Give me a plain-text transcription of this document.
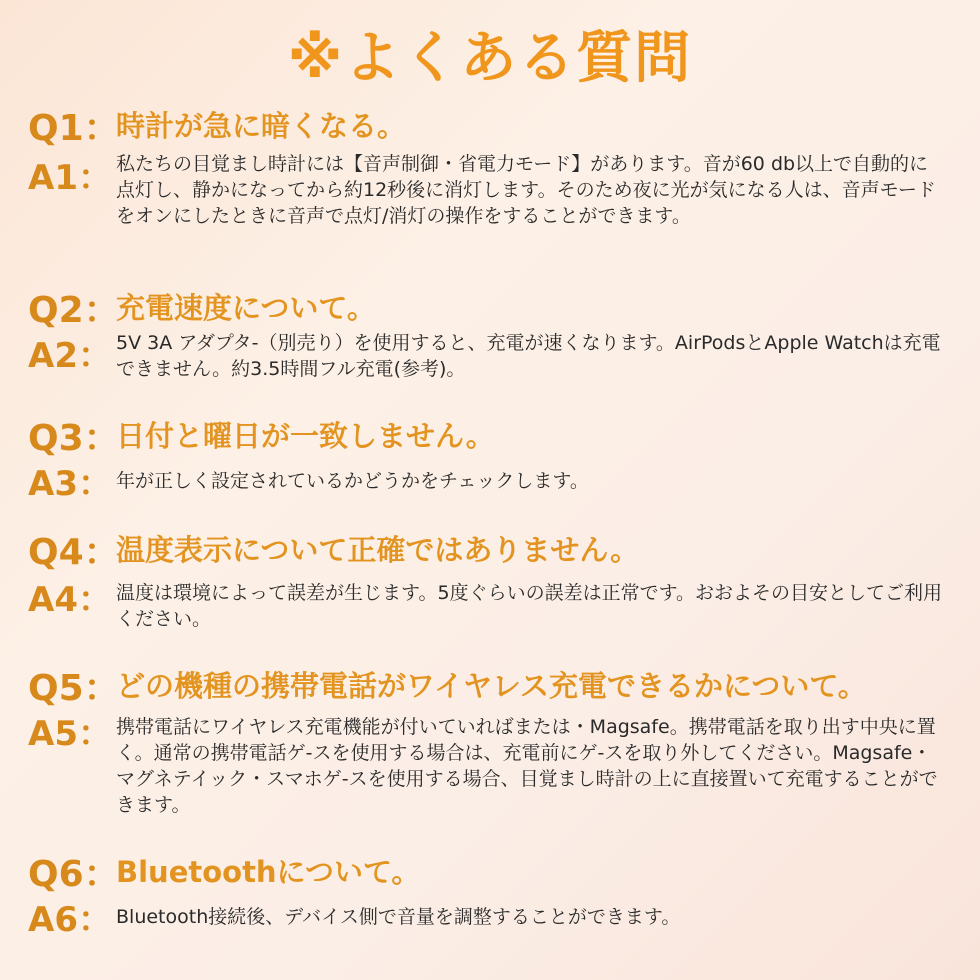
※よくある質問
Q1：
時計が急に暗くなる。
A1： 私たちの目覚まし時計には【音声制御・省電力モード】があります。音が60 db以上で自動的に点灯し、静かになってから約12秒後に消灯します。そのため夜に光が気になる人は、音声モードをオンにしたときに音声で点灯/消灯の操作をすることができます。
Q2：
充電速度について。
A2： 5V 3A アダプタ-（別売り）を使用すると、充電が速くなります。AirPodsとApple Watchは充電できません。約3.5時間フル充電(参考)。
Q3：
日付と曜日が一致しません。
A3： 年が正しく設定されているかどうかをチェックします。
Q4：
温度表示について正確ではありません。
A4： 温度は環境によって誤差が生じます。5度ぐらいの誤差は正常です。おおよその目安としてご利用ください。
Q5：
どの機種の携帯電話がワイヤレス充電できるかについて。
A5： 携帯電話にワイヤレス充電機能が付いていればまたは・Magsafe。携帯電話を取り出す中央に置く。通常の携帯電話ゲ-スを使用する場合は、充電前にゲ-スを取り外してください。Magsafe・マグネテイック・スマホゲ-スを使用する場合、目覚まし時計の上に直接置いて充電することができます。
Q6：
Bluetoothについて。
A6： Bluetooth接続後、デバイス側で音量を調整することができます。
